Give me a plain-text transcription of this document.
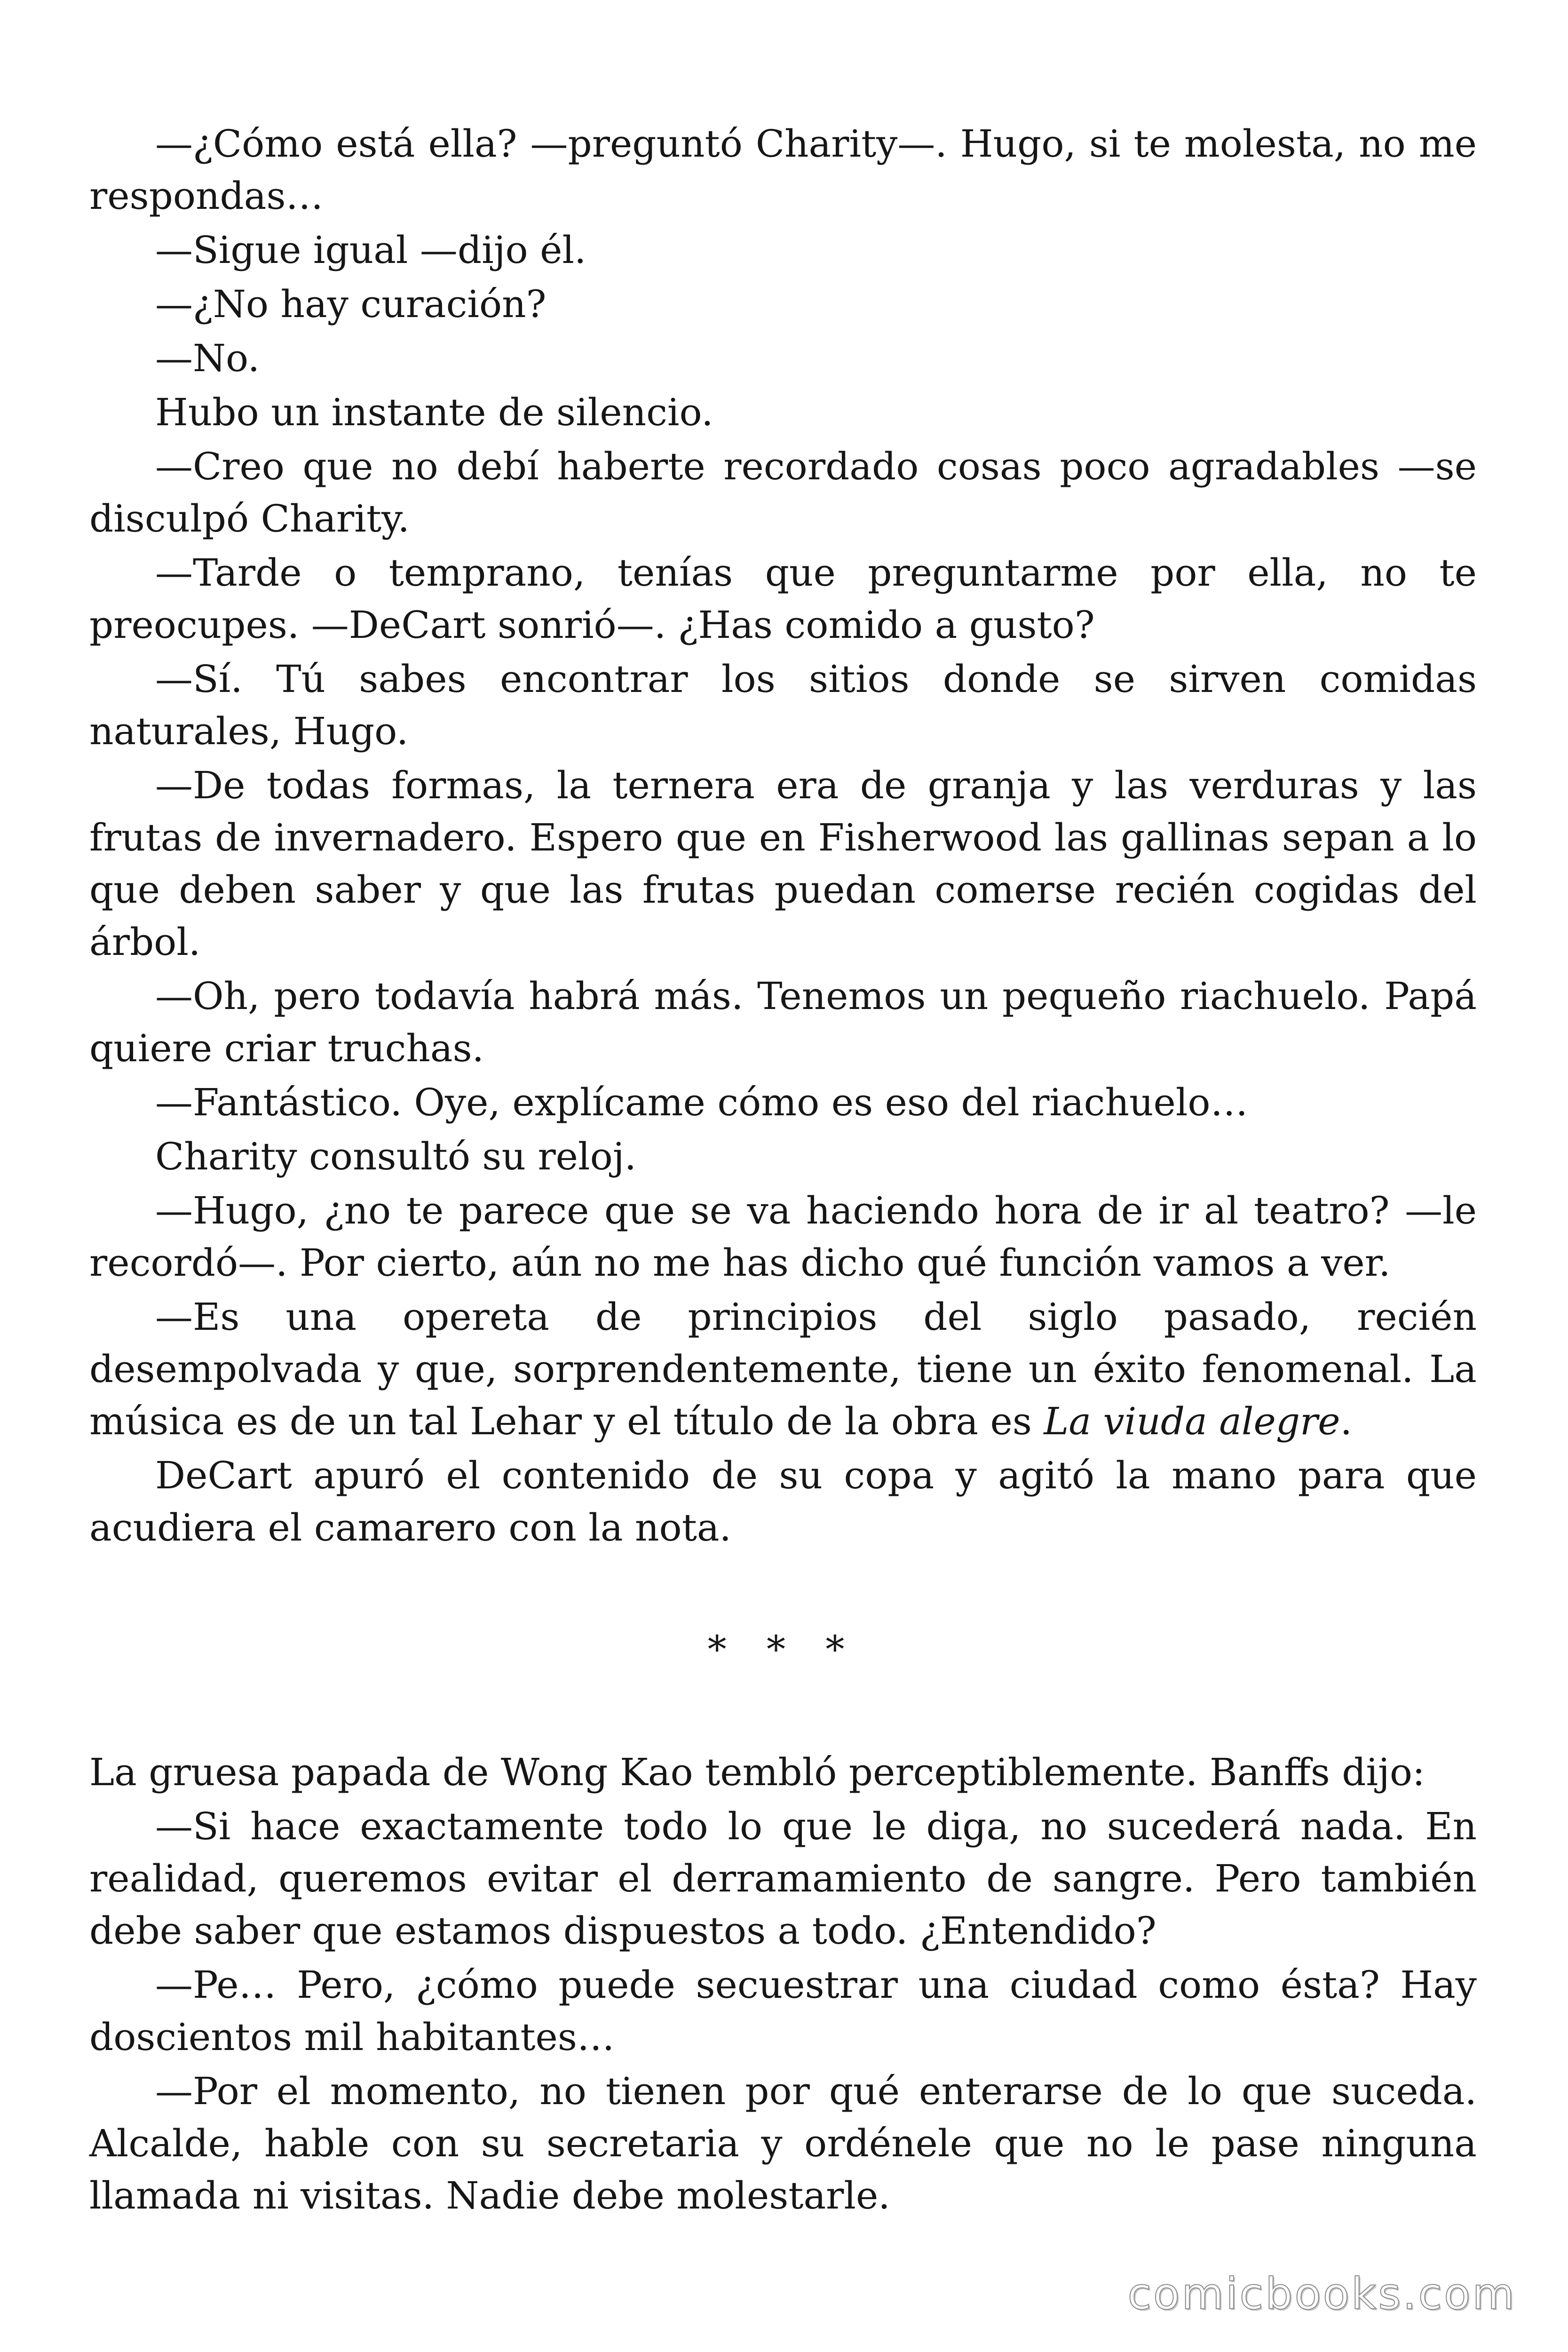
—¿Cómo está ella? —preguntó Charity—. Hugo, si te molesta, no me respondas…

—Sigue igual —dijo él.

—¿No hay curación?

—No.

Hubo un instante de silencio.

—Creo que no debí haberte recordado cosas poco agradables —se disculpó Charity.

—Tarde o temprano, tenías que preguntarme por ella, no te preocupes. —DeCart sonrió—. ¿Has comido a gusto?

—Sí. Tú sabes encontrar los sitios donde se sirven comidas naturales, Hugo.

—De todas formas, la ternera era de granja y las verduras y las frutas de invernadero. Espero que en Fisherwood las gallinas sepan a lo que deben saber y que las frutas puedan comerse recién cogidas del árbol.

—Oh, pero todavía habrá más. Tenemos un pequeño riachuelo. Papá quiere criar truchas.

—Fantástico. Oye, explícame cómo es eso del riachuelo…

Charity consultó su reloj.

—Hugo, ¿no te parece que se va haciendo hora de ir al teatro? —le recordó—. Por cierto, aún no me has dicho qué función vamos a ver.

—Es una opereta de principios del siglo pasado, recién desempolvada y que, sorprendentemente, tiene un éxito fenomenal. La música es de un tal Lehar y el título de la obra es La viuda alegre.

DeCart apuró el contenido de su copa y agitó la mano para que acudiera el camarero con la nota.

* * *

La gruesa papada de Wong Kao tembló perceptiblemente. Banffs dijo:

—Si hace exactamente todo lo que le diga, no sucederá nada. En realidad, queremos evitar el derramamiento de sangre. Pero también debe saber que estamos dispuestos a todo. ¿Entendido?

—Pe… Pero, ¿cómo puede secuestrar una ciudad como ésta? Hay doscientos mil habitantes…

—Por el momento, no tienen por qué enterarse de lo que suceda. Alcalde, hable con su secretaria y ordénele que no le pase ninguna llamada ni visitas. Nadie debe molestarle.

comicbooks.com
